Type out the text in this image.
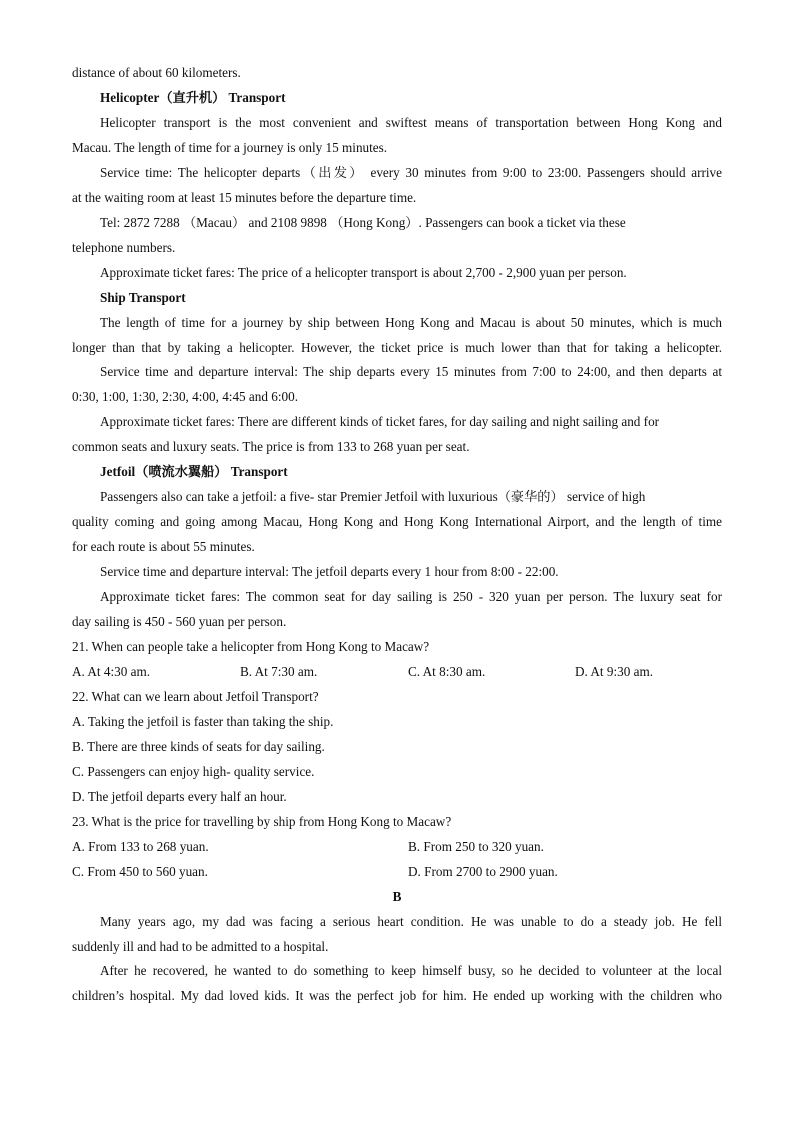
distance of about 60 kilometers.
Helicopter（直升机） Transport
Helicopter transport is the most convenient and swiftest means of transportation between Hong Kong and
Macau. The length of time for a journey is only 15 minutes.
Service time: The helicopter departs（出发） every 30 minutes from 9:00 to 23:00. Passengers should arrive
at the waiting room at least 15 minutes before the departure time.
Tel: 2872 7288 （Macau） and 2108 9898 （Hong Kong）. Passengers can book a ticket via these
telephone numbers.
Approximate ticket fares: The price of a helicopter transport is about 2,700 - 2,900 yuan per person.
Ship Transport
The length of time for a journey by ship between Hong Kong and Macau is about 50 minutes, which is much
longer than that by taking a helicopter. However, the ticket price is much lower than that for taking a helicopter.
Service time and departure interval: The ship departs every 15 minutes from 7:00 to 24:00, and then departs at
0:30, 1:00, 1:30, 2:30, 4:00, 4:45 and 6:00.
Approximate ticket fares: There are different kinds of ticket fares, for day sailing and night sailing and for
common seats and luxury seats. The price is from 133 to 268 yuan per seat.
Jetfoil（喷流水翼船） Transport
Passengers also can take a jetfoil: a five- star Premier Jetfoil with luxurious（豪华的） service of high
quality coming and going among Macau, Hong Kong and Hong Kong International Airport, and the length of time
for each route is about 55 minutes.
Service time and departure interval: The jetfoil departs every 1 hour from 8:00 - 22:00.
Approximate ticket fares: The common seat for day sailing is 250 - 320 yuan per person. The luxury seat for
day sailing is 450 - 560 yuan per person.
21. When can people take a helicopter from Hong Kong to Macaw?
A. At 4:30 am.	B. At 7:30 am.	C. At 8:30 am.	D. At 9:30 am.
22. What can we learn about Jetfoil Transport?
A. Taking the jetfoil is faster than taking the ship.
B. There are three kinds of seats for day sailing.
C. Passengers can enjoy high- quality service.
D. The jetfoil departs every half an hour.
23. What is the price for travelling by ship from Hong Kong to Macaw?
A. From 133 to 268 yuan.	B. From 250 to 320 yuan.
C. From 450 to 560 yuan.	D. From 2700 to 2900 yuan.
B
Many years ago, my dad was facing a serious heart condition. He was unable to do a steady job. He fell
suddenly ill and had to be admitted to a hospital.
After he recovered, he wanted to do something to keep himself busy, so he decided to volunteer at the local
children’s hospital. My dad loved kids. It was the perfect job for him. He ended up working with the children who
